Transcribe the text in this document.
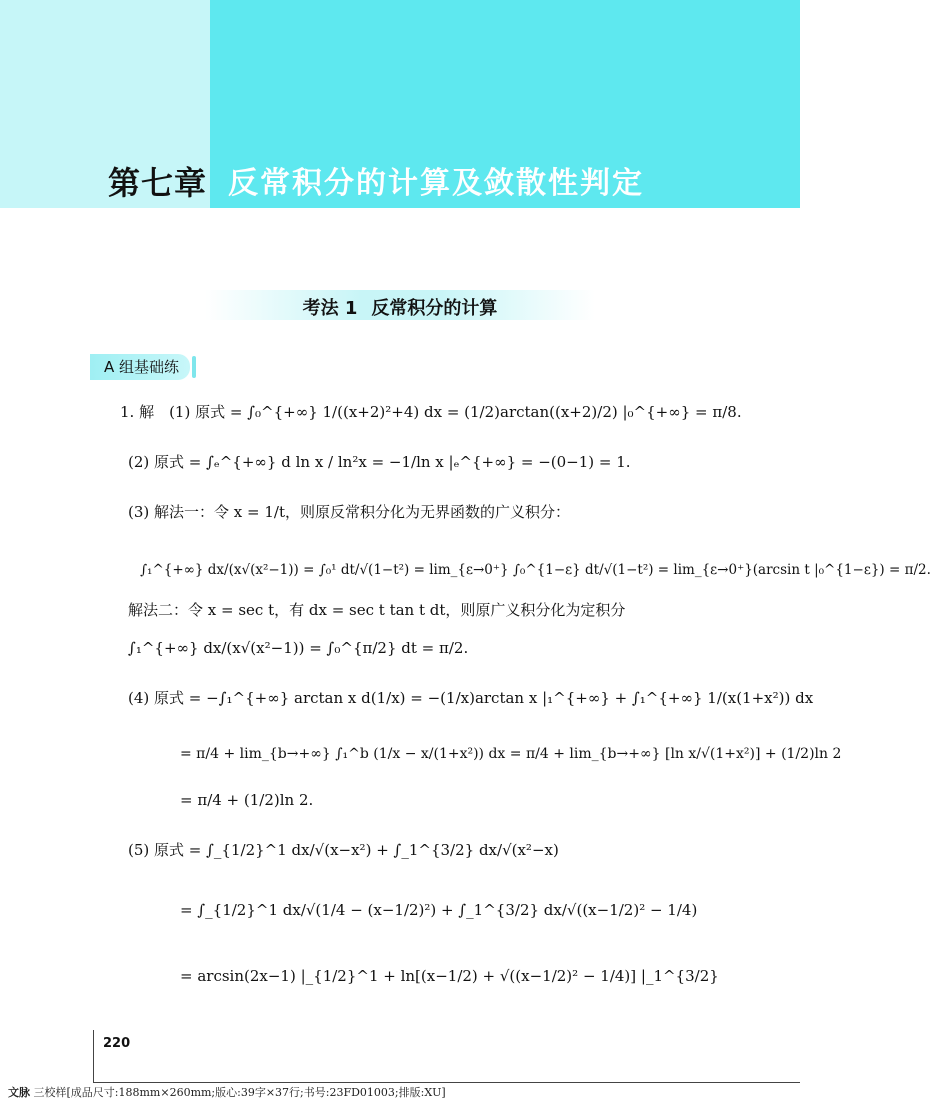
第七章 反常积分的计算及敛散性判定
考法 1 反常积分的计算
A 组基础练
1. 解　(1) 原式 = ∫₀^{+∞} 1/((x+2)²+4) dx = (1/2)arctan((x+2)/2) |₀^{+∞} = π/8.
(2) 原式 = ∫ₑ^{+∞} d ln x / ln²x = −1/ln x |ₑ^{+∞} = −(0−1) = 1.
(3) 解法一：令 x = 1/t，则原反常积分化为无界函数的广义积分：
∫₁^{+∞} dx/(x√(x²−1)) = ∫₀¹ dt/√(1−t²) = lim_{ε→0⁺} ∫₀^{1−ε} dt/√(1−t²) = lim_{ε→0⁺}(arcsin t |₀^{1−ε}) = π/2.
解法二：令 x = sec t，有 dx = sec t tan t dt，则原广义积分化为定积分
∫₁^{+∞} dx/(x√(x²−1)) = ∫₀^{π/2} dt = π/2.
(4) 原式 = −∫₁^{+∞} arctan x d(1/x) = −(1/x)arctan x |₁^{+∞} + ∫₁^{+∞} 1/(x(1+x²)) dx
= π/4 + lim_{b→+∞} ∫₁^b (1/x − x/(1+x²)) dx = π/4 + lim_{b→+∞} [ln x/√(1+x²)] + (1/2)ln 2
= π/4 + (1/2)ln 2.
(5) 原式 = ∫_{1/2}^1 dx/√(x−x²) + ∫_1^{3/2} dx/√(x²−x)
= ∫_{1/2}^1 dx/√(1/4 − (x−1/2)²) + ∫_1^{3/2} dx/√((x−1/2)² − 1/4)
= arcsin(2x−1) |_{1/2}^1 + ln[(x−1/2) + √((x−1/2)² − 1/4)] |_1^{3/2}
220
文脉 三校样[成品尺寸:188mm×260mm;版心:39字×37行;书号:23FD01003;排版:XU]
